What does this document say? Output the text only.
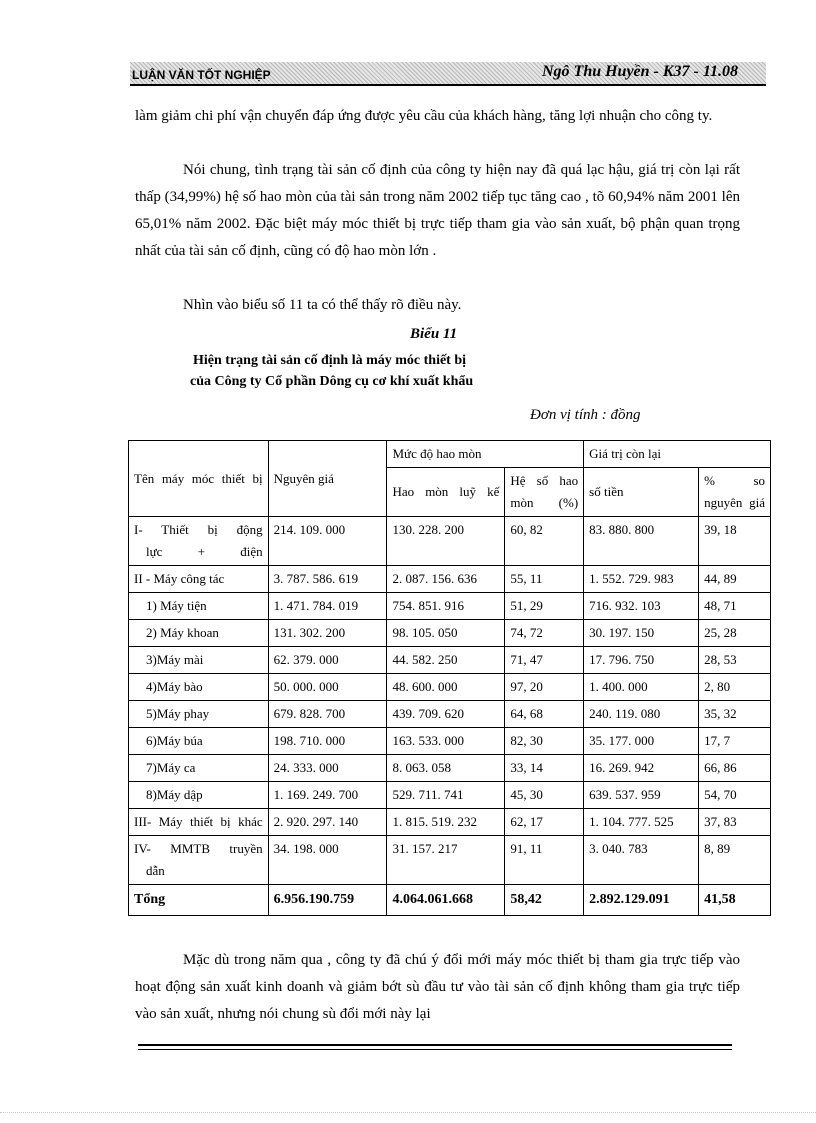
LUẬN VĂN TỐT NGHIỆP	Ngô Thu Huyền - K37 - 11.08

làm giảm chi phí vận chuyển đáp ứng được yêu cầu của khách hàng, tăng lợi nhuận cho công ty.

Nói chung, tình trạng tài sản cố định của công ty hiện nay đã quá lạc hậu, giá trị còn lại rất thấp (34,99%) hệ số hao mòn của tài sản trong năm 2002 tiếp tục tăng cao , tõ 60,94% năm 2001 lên 65,01% năm 2002. Đặc biệt máy móc thiết bị trực tiếp tham gia vào sản xuất, bộ phận quan trọng nhất của tài sản cố định, cũng có độ hao mòn lớn .

Nhìn vào biểu số 11 ta có thể thấy rõ điều này.

Biểu 11
Hiện trạng tài sản cố định là máy móc thiết bị
của Công ty Cổ phần Dông cụ cơ khí xuất khẩu
Đơn vị tính : đồng
Tên máy móc thiết bị	Nguyên giá	Mức độ hao mòn		Giá trị còn lại	
		Hao mòn luỹ kế	Hệ số hao mòn (%)	số tiền	% so nguyên giá
I- Thiết bị động
lực + điện	214. 109. 000	130. 228. 200	60, 82	83. 880. 800	39, 18
II - Máy công tác	3. 787. 586. 619	2. 087. 156. 636	55, 11	1. 552. 729. 983	44, 89

1) Máy tiện	1. 471. 784. 019	754. 851. 916	51, 29	716. 932. 103	48, 71

2) Máy khoan	131. 302. 200	98. 105. 050	74, 72	30. 197. 150	25, 28

3)Máy mài	62. 379. 000	44. 582. 250	71, 47	17. 796. 750	28, 53

4)Máy bào	50. 000. 000	48. 600. 000	97, 20	1. 400. 000	2, 80

5)Máy phay	679. 828. 700	439. 709. 620	64, 68	240. 119. 080	35, 32

6)Máy búa	198. 710. 000	163. 533. 000	82, 30	35. 177. 000	17, 7

7)Máy ca	24. 333. 000	8. 063. 058	33, 14	16. 269. 942	66, 86

8)Máy dập	1. 169. 249. 700	529. 711. 741	45, 30	639. 537. 959	54, 70
III- Máy thiết bị khác	2. 920. 297. 140	1. 815. 519. 232	62, 17	1. 104. 777. 525	37, 83
IV- MMTB truyền
dẫn	34. 198. 000	31. 157. 217	91, 11	3. 040. 783	8, 89
Tổng	6.956.190.759	4.064.061.668	58,42	2.892.129.091	41,58

Mặc dù trong năm qua , công ty đã chú ý đổi mới máy móc thiết bị tham gia trực tiếp vào hoạt động sản xuất kinh doanh và giảm bớt sù đầu tư vào tài sản cố định không tham gia trực tiếp vào sản xuất, nhưng nói chung sù đổi mới này lại
